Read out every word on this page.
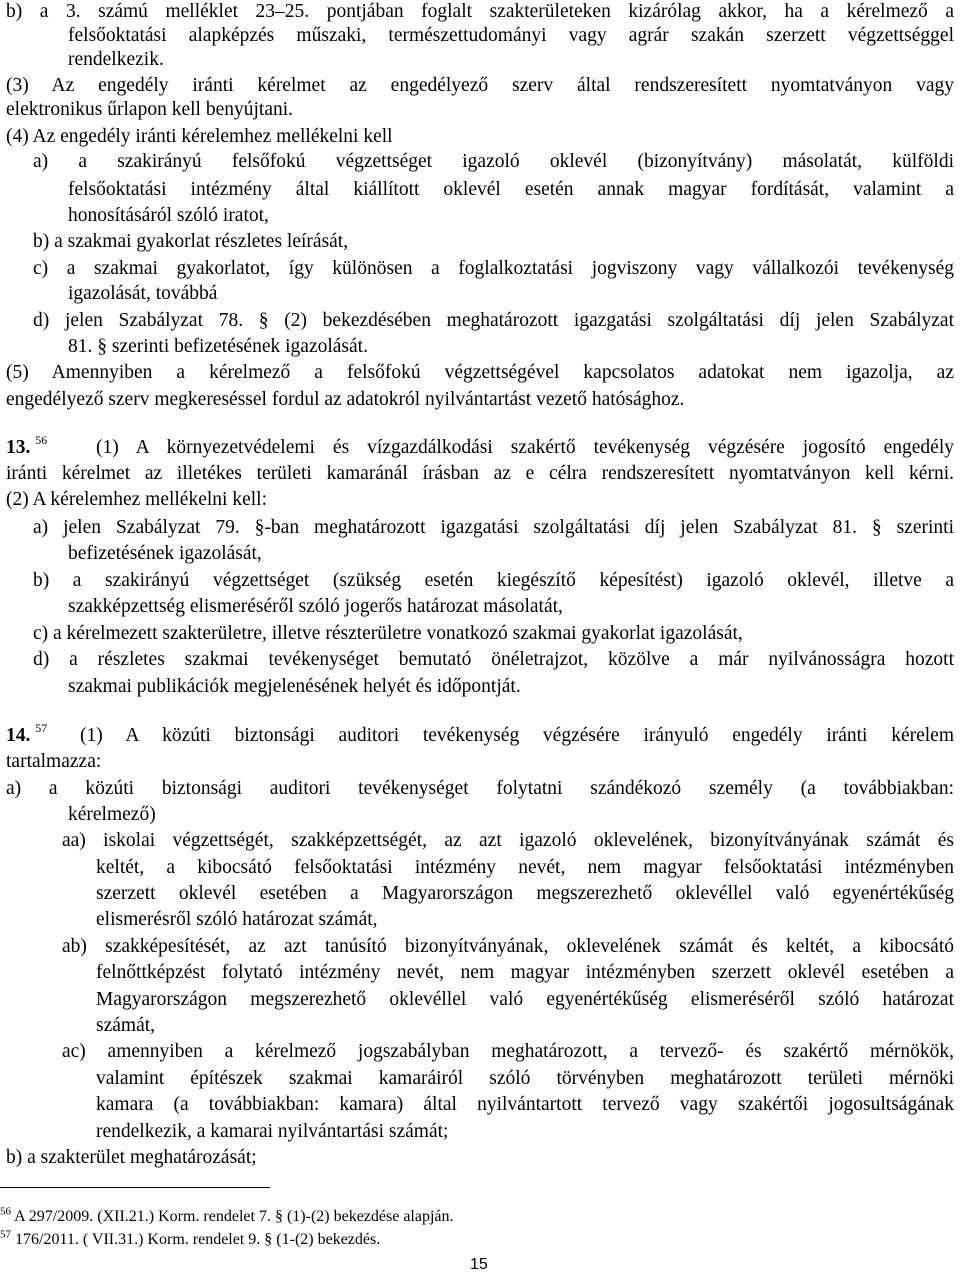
15
b) a 3. számú melléklet 23–25. pontjában foglalt szakterületeken kizárólag akkor, ha a kérelmező a
felsőoktatási alapképzés műszaki, természettudományi vagy agrár szakán szerzett végzettséggel
rendelkezik.
(3) Az engedély iránti kérelmet az engedélyező szerv által rendszeresített nyomtatványon vagy
elektronikus űrlapon kell benyújtani.
(4) Az engedély iránti kérelemhez mellékelni kell
a) a szakirányú felsőfokú végzettséget igazoló oklevél (bizonyítvány) másolatát, külföldi
felsőoktatási intézmény által kiállított oklevél esetén annak magyar fordítását, valamint a
honosításáról szóló iratot,
b) a szakmai gyakorlat részletes leírását,
c) a szakmai gyakorlatot, így különösen a foglalkoztatási jogviszony vagy vállalkozói tevékenység
igazolását, továbbá
d) jelen Szabályzat 78. § (2) bekezdésében meghatározott igazgatási szolgáltatási díj jelen Szabályzat
81. § szerinti befizetésének igazolását.
(5) Amennyiben a kérelmező a felsőfokú végzettségével kapcsolatos adatokat nem igazolja, az
engedélyező szerv megkereséssel fordul az adatokról nyilvántartást vezető hatósághoz.
(1) A környezetvédelemi és vízgazdálkodási szakértő tevékenység végzésére jogosító engedély
iránti kérelmet az illetékes területi kamaránál írásban az e célra rendszeresített nyomtatványon kell kérni.
(2) A kérelemhez mellékelni kell:
a) jelen Szabályzat 79. §-ban meghatározott igazgatási szolgáltatási díj jelen Szabályzat 81. § szerinti
befizetésének igazolását,
b) a szakirányú végzettséget (szükség esetén kiegészítő képesítést) igazoló oklevél, illetve a
szakképzettség elismeréséről szóló jogerős határozat másolatát,
c) a kérelmezett szakterületre, illetve részterületre vonatkozó szakmai gyakorlat igazolását,
d) a részletes szakmai tevékenységet bemutató önéletrajzot, közölve a már nyilvánosságra hozott
szakmai publikációk megjelenésének helyét és időpontját.
(1) A közúti biztonsági auditori tevékenység végzésére irányuló engedély iránti kérelem
tartalmazza:
a) a közúti biztonsági auditori tevékenységet folytatni szándékozó személy (a továbbiakban:
kérelmező)
aa) iskolai végzettségét, szakképzettségét, az azt igazoló oklevelének, bizonyítványának számát és
keltét, a kibocsátó felsőoktatási intézmény nevét, nem magyar felsőoktatási intézményben
szerzett oklevél esetében a Magyarországon megszerezhető oklevéllel való egyenértékűség
elismerésről szóló határozat számát,
ab) szakképesítését, az azt tanúsító bizonyítványának, oklevelének számát és keltét, a kibocsátó
felnőttképzést folytató intézmény nevét, nem magyar intézményben szerzett oklevél esetében a
Magyarországon megszerezhető oklevéllel való egyenértékűség elismeréséről szóló határozat
számát,
ac) amennyiben a kérelmező jogszabályban meghatározott, a tervező- és szakértő mérnökök,
valamint építészek szakmai kamaráiról szóló törvényben meghatározott területi mérnöki
kamara (a továbbiakban: kamara) által nyilvántartott tervező vagy szakértői jogosultságának
rendelkezik, a kamarai nyilvántartási számát;
b) a szakterület meghatározását;
13. $^{56}$
14. $^{57}$
$^{56}$ A 297/2009. (XII.21.) Korm. rendelet 7. § (1)-(2) bekezdése alapján.
$^{57}$ 176/2011. ( VII.31.) Korm. rendelet 9. § (1-(2) bekezdés.
